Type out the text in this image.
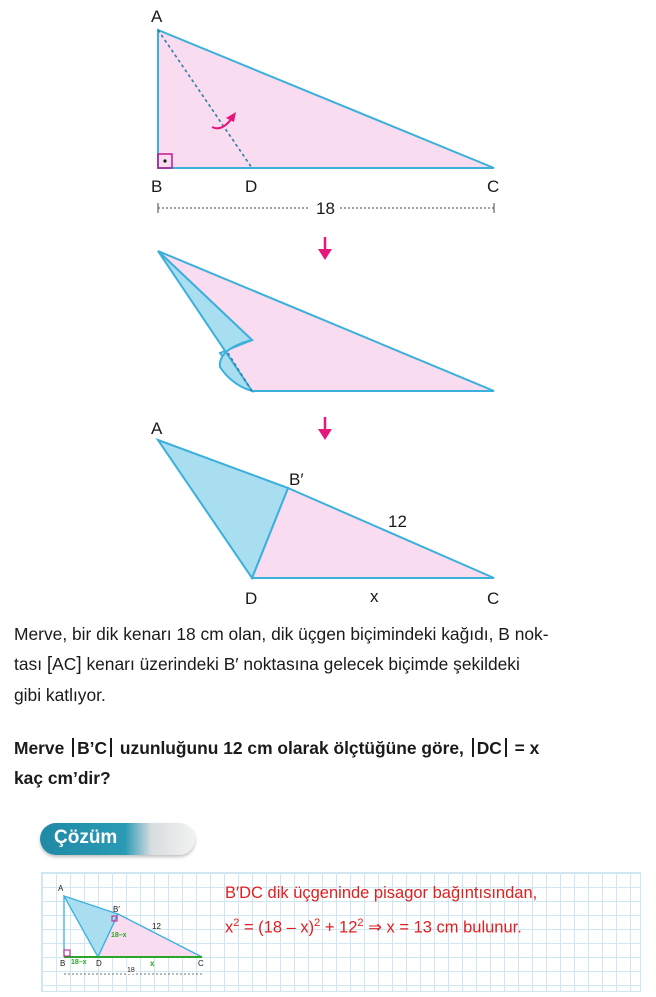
A
B	D	C
18
A
B′
12
D	x	C
Merve, bir dik kenarı 18 cm olan, dik üçgen biçimindeki kağıdı, B nok-
tası [AC] kenarı üzerindeki B′ noktasına gelecek biçimde şekildeki
gibi katlıyor.
Merve B’C uzunluğunu 12 cm olarak ölçtüğüne göre, DC = x
kaç cm’dir?
Çözüm
A
B′
18–x
12
B 18–x D	x	C
18
B′DC dik üçgeninde pisagor bağıntısından,
$x^2 = (18 - x)^2 + 12^2$ ⇒ x = 13 cm bulunur.
